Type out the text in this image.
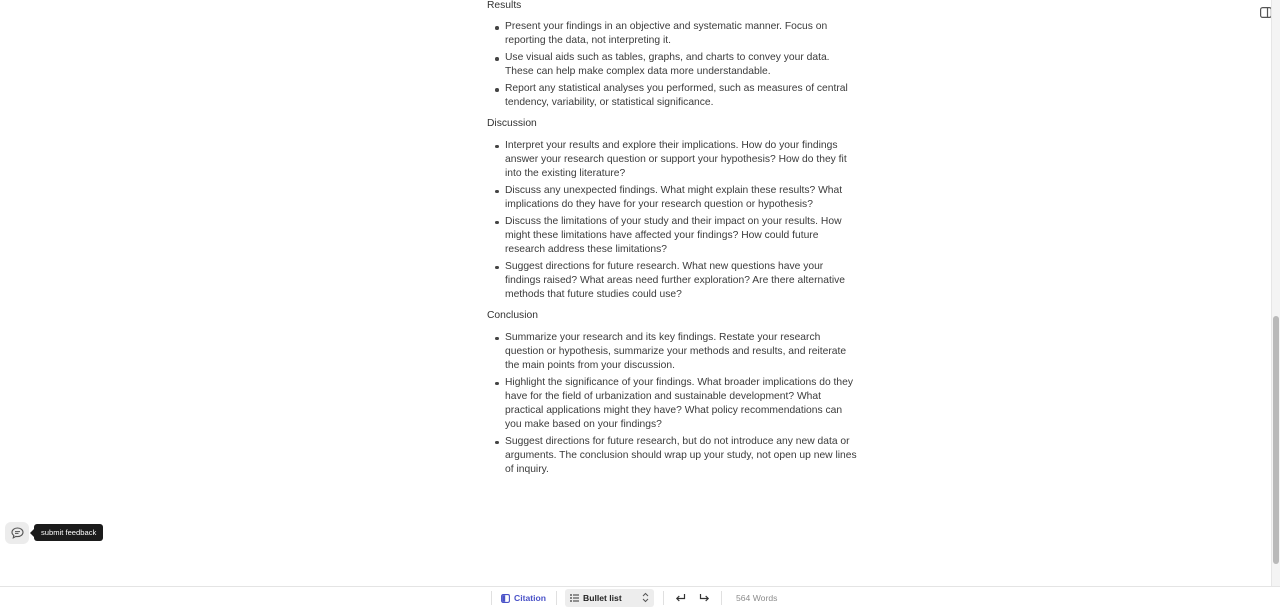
Results
Present your findings in an objective and systematic manner. Focus on reporting the data, not interpreting it.
Use visual aids such as tables, graphs, and charts to convey your data. These can help make complex data more understandable.
Report any statistical analyses you performed, such as measures of central tendency, variability, or statistical significance.
Discussion
Interpret your results and explore their implications. How do your findings answer your research question or support your hypothesis? How do they fit into the existing literature?
Discuss any unexpected findings. What might explain these results? What implications do they have for your research question or hypothesis?
Discuss the limitations of your study and their impact on your results. How might these limitations have affected your findings? How could future research address these limitations?
Suggest directions for future research. What new questions have your findings raised? What areas need further exploration? Are there alternative methods that future studies could use?
Conclusion
Summarize your research and its key findings. Restate your research question or hypothesis, summarize your methods and results, and reiterate the main points from your discussion.
Highlight the significance of your findings. What broader implications do they have for the field of urbanization and sustainable development? What practical applications might they have? What policy recommendations can you make based on your findings?
Suggest directions for future research, but do not introduce any new data or arguments. The conclusion should wrap up your study, not open up new lines of inquiry.
submit feedback
Citation	Bullet list	564 Words
